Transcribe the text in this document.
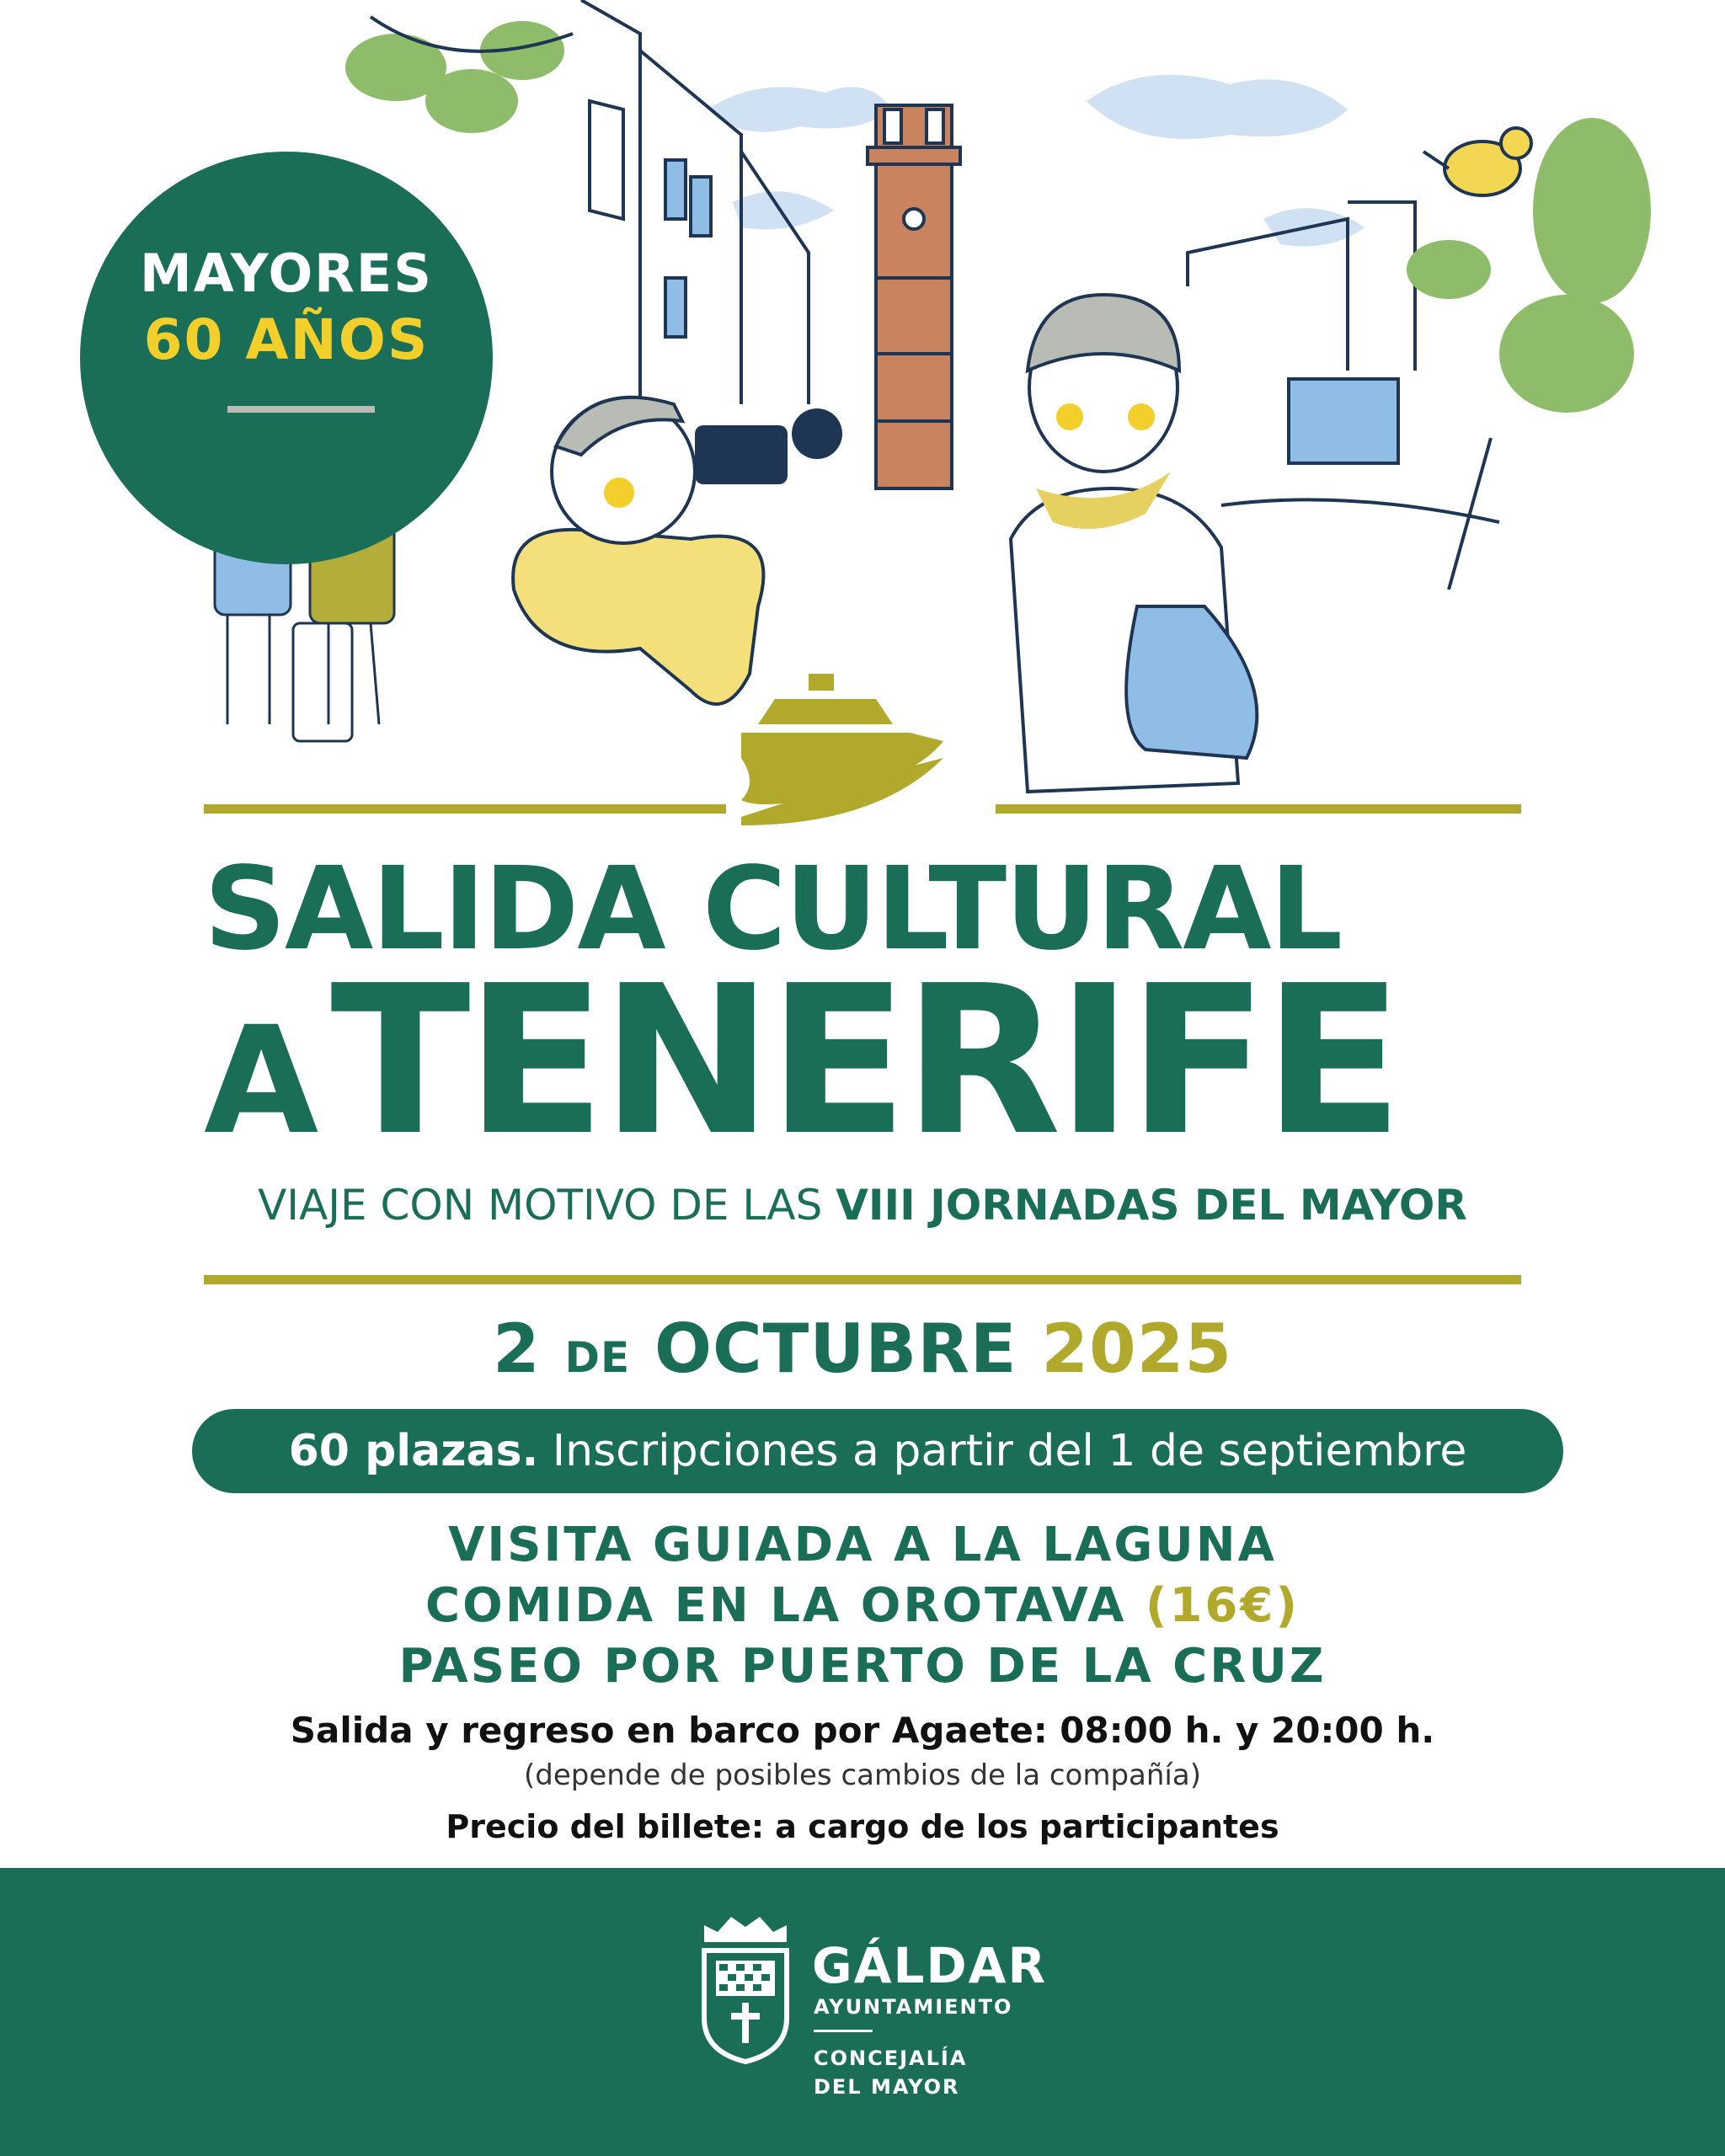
MAYORES
60 AÑOS
SALIDA CULTURAL
ATENERIFE
VIAJE CON MOTIVO DE LAS VIII JORNADAS DEL MAYOR
2 DE OCTUBRE 2025
60 plazas. Inscripciones a partir del 1 de septiembre
VISITA GUIADA A LA LAGUNA
COMIDA EN LA OROTAVA (16€)
PASEO POR PUERTO DE LA CRUZ
Salida y regreso en barco por Agaete: 08:00 h. y 20:00 h.
(depende de posibles cambios de la compañía)
Precio del billete: a cargo de los participantes
GÁLDAR
AYUNTAMIENTO
CONCEJALÍA
DEL MAYOR
